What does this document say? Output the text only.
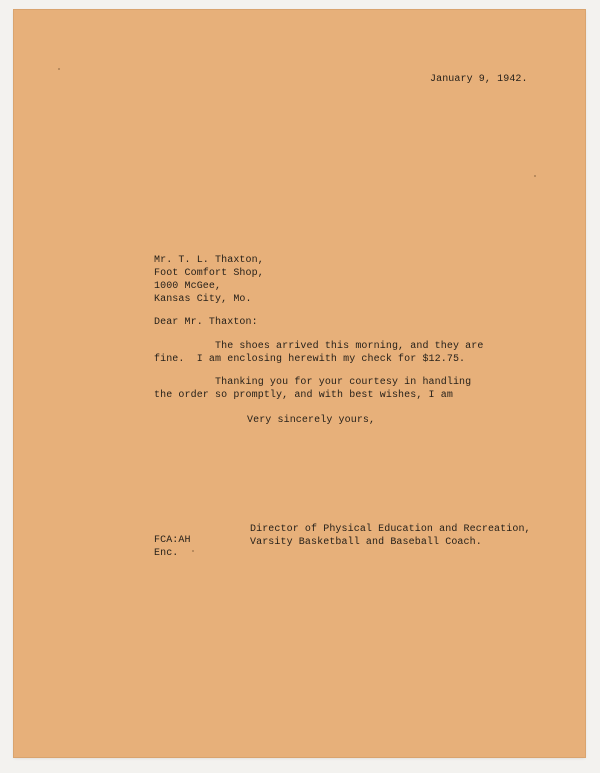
January 9, 1942.

Mr. T. L. Thaxton,
Foot Comfort Shop,
1000 McGee,
Kansas City, Mo.

Dear Mr. Thaxton:

The shoes arrived this morning, and they are
fine.  I am enclosing herewith my check for $12.75.
Thanking you for your courtesy in handling
the order so promptly, and with best wishes, I am

Very sincerely yours,

Director of Physical Education and Recreation,
Varsity Basketball and Baseball Coach.
FCA:AH
Enc.
